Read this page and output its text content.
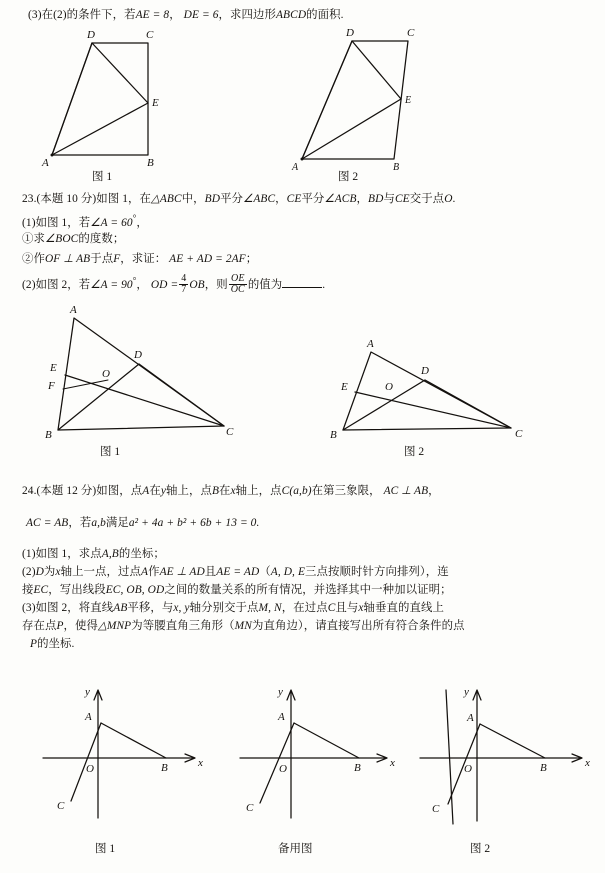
(3)在(2)的条件下，若AE = 8， DE = 6，求四边形ABCD的面积.
D	C
E
A	B
图 1
D	C
E
A	B
图 2
23.(本题 10 分)如图 1，在△ABC中，BD平分∠ABC，CE平分∠ACB，BD与CE交于点O.
(1)如图 1，若∠A = 60°，
①求∠BOC的度数；
②作OF ⊥ AB于点F，求证： AE + AD = 2AF；
(2)如图 2，若∠A = 90°， OD = $\frac{4}{7}$ OB，则 $\frac{OE}{OC}$ 的值为	.
A
E
F
D
O
B	C
图 1
A
E
D
O
B	C
图 2
24.(本题 12 分)如图，点A在y轴上，点B在x轴上，点C(a,b)在第三象限， AC ⊥ AB，
AC = AB，若a,b满足a² + 4a + b² + 6b + 13 = 0.
(1)如图 1，求点A,B的坐标；
(2)D为x轴上一点，过点A作AE ⊥ AD且AE = AD（A, D, E三点按顺时针方向排列），连
接EC，写出线段EC, OB, OD之间的数量关系的所有情况，并选择其中一种加以证明；
(3)如图 2，将直线AB平移，与x, y轴分别交于点M, N，在过点C且与x轴垂直的直线上
存在点P，使得△MNP为等腰直角三角形（MN为直角边），请直接写出所有符合条件的点
P的坐标.
y
x
A
O	B
C
图 1
y
x
A
O	B
C
备用图
y
x
A
O	B
C
图 2
